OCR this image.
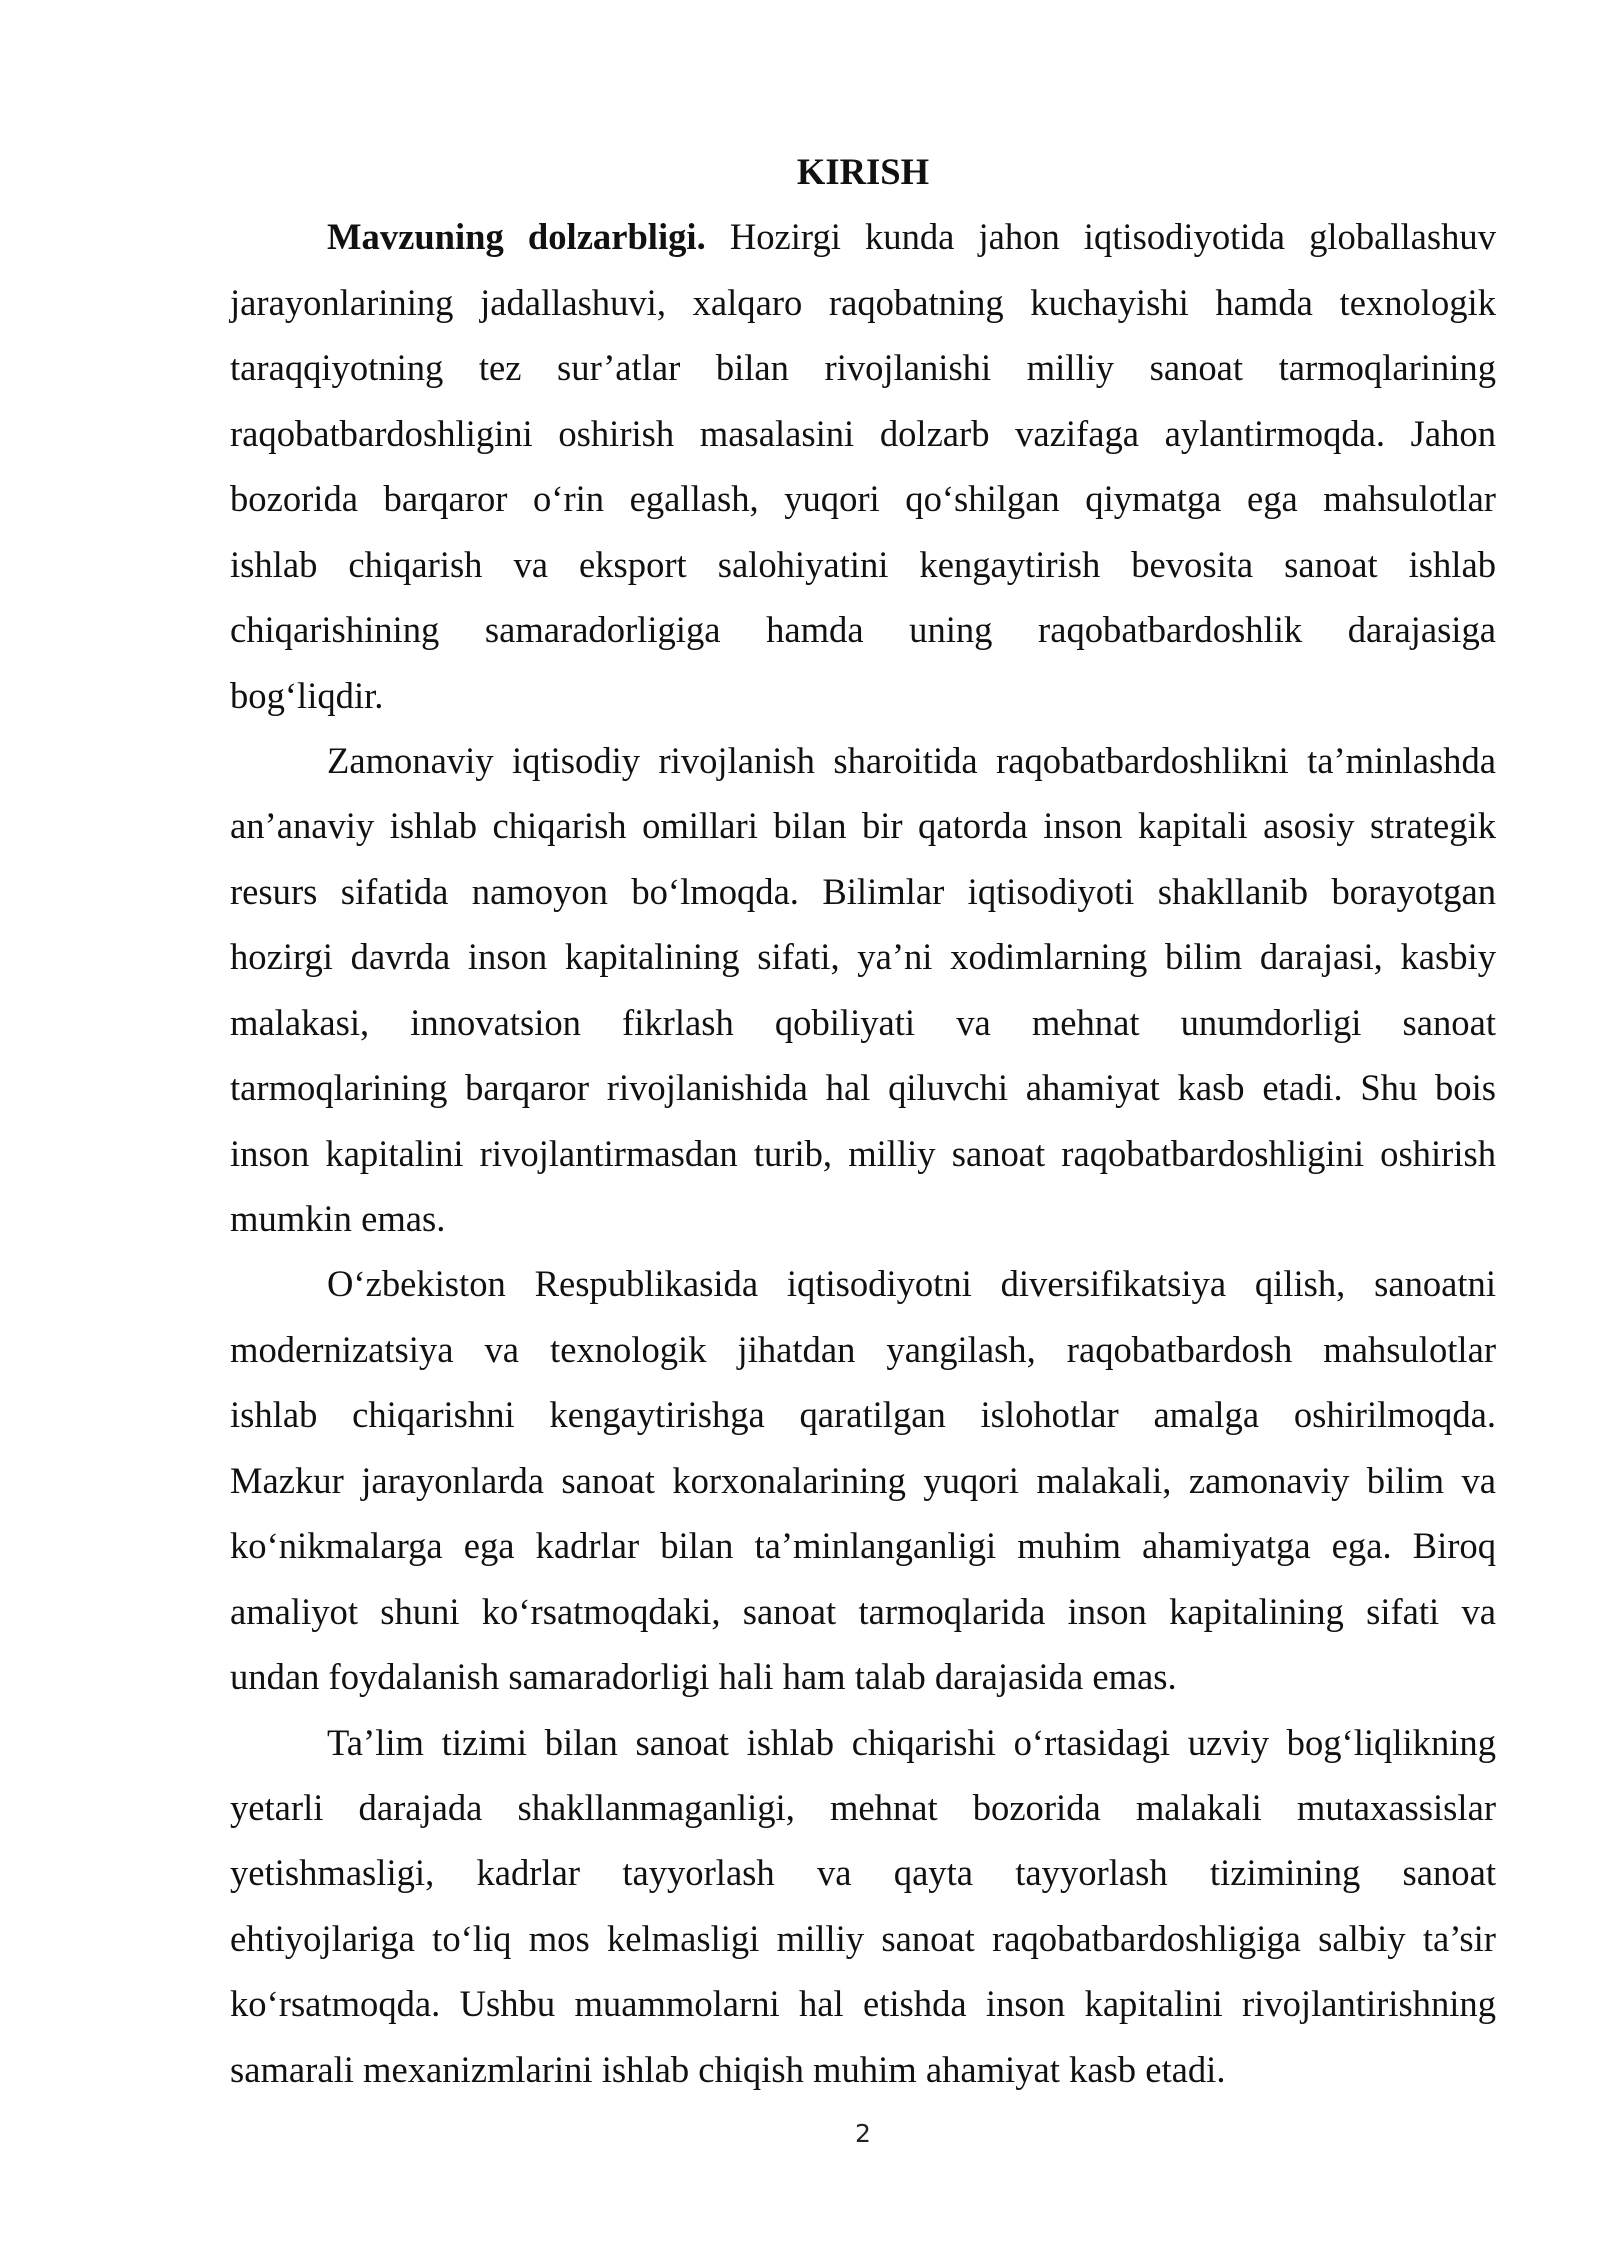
KIRISH
Mavzuning dolzarbligi. Hozirgi kunda jahon iqtisodiyotida globallashuv
jarayonlarining jadallashuvi, xalqaro raqobatning kuchayishi hamda texnologik
taraqqiyotning tez sur’atlar bilan rivojlanishi milliy sanoat tarmoqlarining
raqobatbardoshligini oshirish masalasini dolzarb vazifaga aylantirmoqda. Jahon
bozorida barqaror o‘rin egallash, yuqori qo‘shilgan qiymatga ega mahsulotlar
ishlab chiqarish va eksport salohiyatini kengaytirish bevosita sanoat ishlab
chiqarishining samaradorligiga hamda uning raqobatbardoshlik darajasiga
bog‘liqdir.
Zamonaviy iqtisodiy rivojlanish sharoitida raqobatbardoshlikni ta’minlashda
an’anaviy ishlab chiqarish omillari bilan bir qatorda inson kapitali asosiy strategik
resurs sifatida namoyon bo‘lmoqda. Bilimlar iqtisodiyoti shakllanib borayotgan
hozirgi davrda inson kapitalining sifati, ya’ni xodimlarning bilim darajasi, kasbiy
malakasi, innovatsion fikrlash qobiliyati va mehnat unumdorligi sanoat
tarmoqlarining barqaror rivojlanishida hal qiluvchi ahamiyat kasb etadi. Shu bois
inson kapitalini rivojlantirmasdan turib, milliy sanoat raqobatbardoshligini oshirish
mumkin emas.
O‘zbekiston Respublikasida iqtisodiyotni diversifikatsiya qilish, sanoatni
modernizatsiya va texnologik jihatdan yangilash, raqobatbardosh mahsulotlar
ishlab chiqarishni kengaytirishga qaratilgan islohotlar amalga oshirilmoqda.
Mazkur jarayonlarda sanoat korxonalarining yuqori malakali, zamonaviy bilim va
ko‘nikmalarga ega kadrlar bilan ta’minlanganligi muhim ahamiyatga ega. Biroq
amaliyot shuni ko‘rsatmoqdaki, sanoat tarmoqlarida inson kapitalining sifati va
undan foydalanish samaradorligi hali ham talab darajasida emas.
Ta’lim tizimi bilan sanoat ishlab chiqarishi o‘rtasidagi uzviy bog‘liqlikning
yetarli darajada shakllanmaganligi, mehnat bozorida malakali mutaxassislar
yetishmasligi, kadrlar tayyorlash va qayta tayyorlash tizimining sanoat
ehtiyojlariga to‘liq mos kelmasligi milliy sanoat raqobatbardoshligiga salbiy ta’sir
ko‘rsatmoqda. Ushbu muammolarni hal etishda inson kapitalini rivojlantirishning
samarali mexanizmlarini ishlab chiqish muhim ahamiyat kasb etadi.
2
